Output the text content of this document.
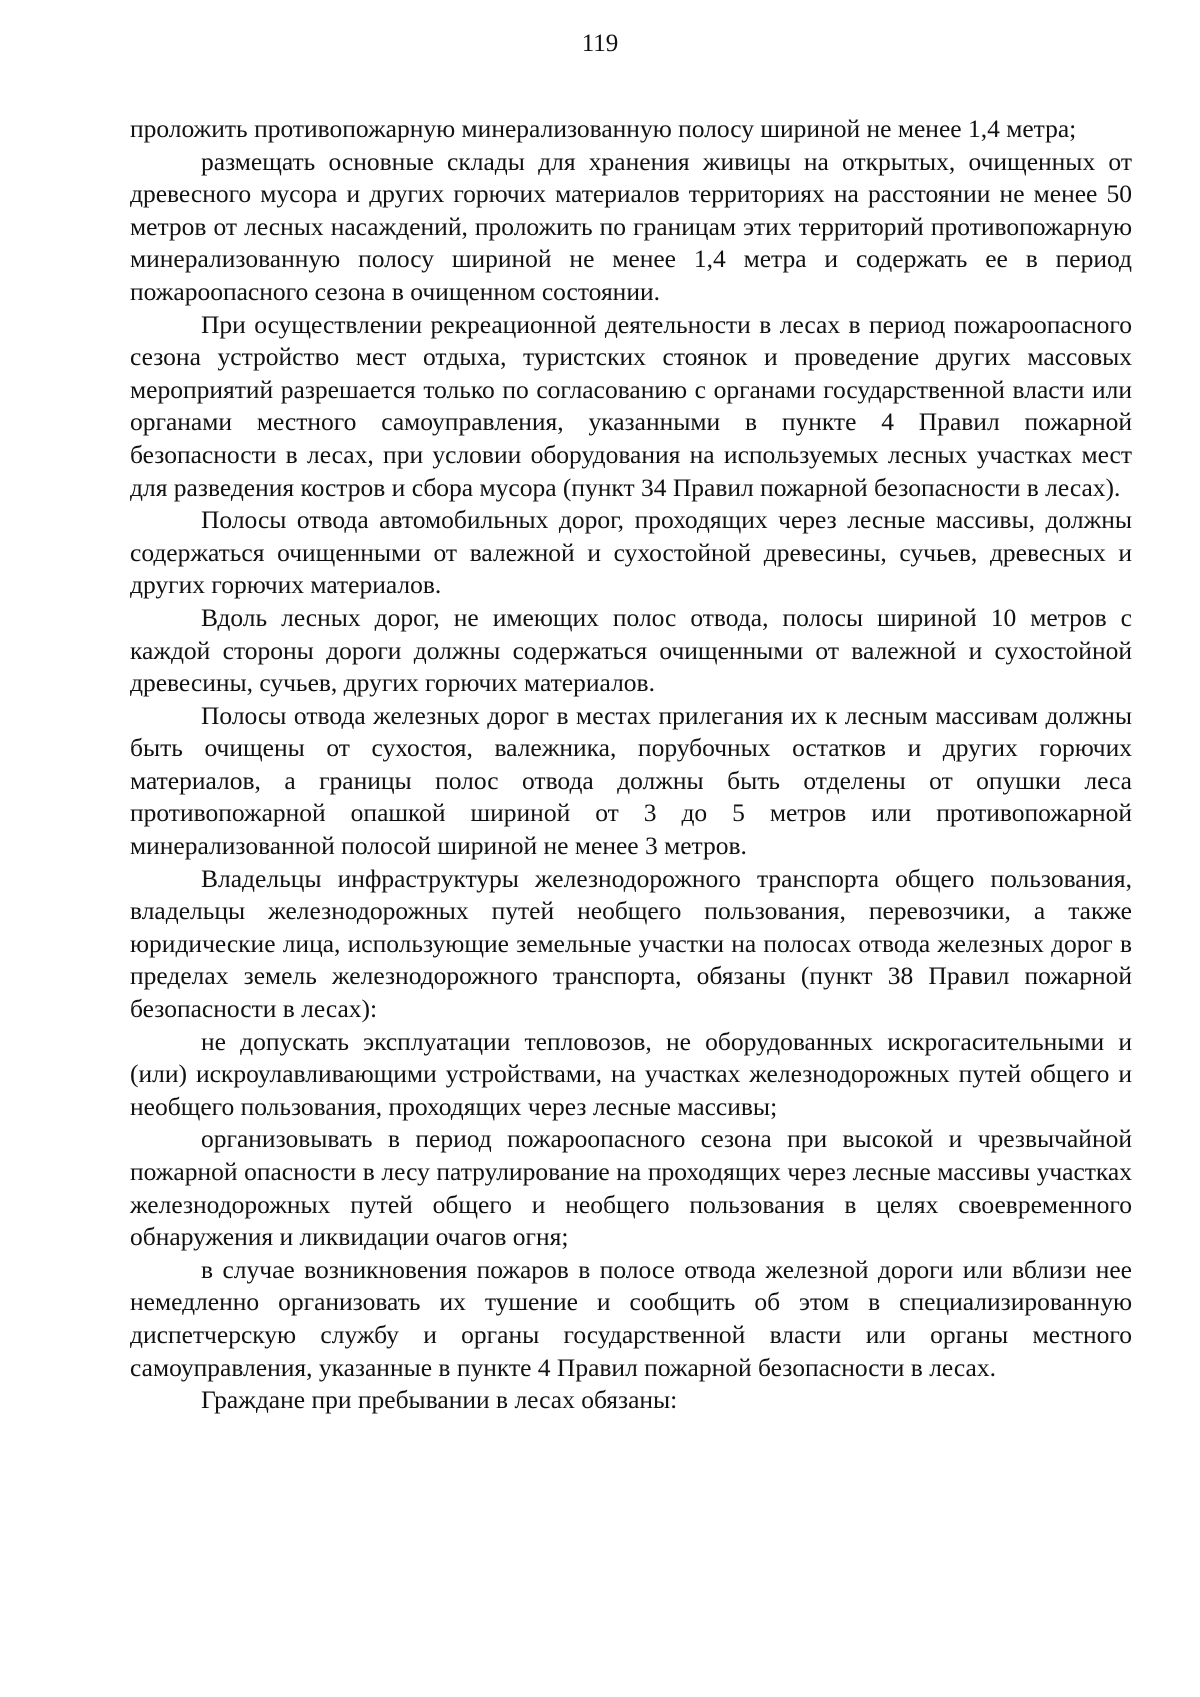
119

проложить противопожарную минерализованную полосу шириной не менее 1,4 метра;

размещать основные склады для хранения живицы на открытых, очищенных от древесного мусора и других горючих материалов территориях на расстоянии не менее 50 метров от лесных насаждений, проложить по границам этих территорий противопожарную минерализованную полосу шириной не менее 1,4 метра и содержать ее в период пожароопасного сезона в очищенном состоянии.

При осуществлении рекреационной деятельности в лесах в период пожароопасного сезона устройство мест отдыха, туристских стоянок и проведение других массовых мероприятий разрешается только по согласованию с органами государственной власти или органами местного самоуправления, указанными в пункте 4 Правил пожарной безопасности в лесах, при условии оборудования на используемых лесных участках мест для разведения костров и сбора мусора (пункт 34 Правил пожарной безопасности в лесах).

Полосы отвода автомобильных дорог, проходящих через лесные массивы, должны содержаться очищенными от валежной и сухостойной древесины, сучьев, древесных и других горючих материалов.

Вдоль лесных дорог, не имеющих полос отвода, полосы шириной 10 метров с каждой стороны дороги должны содержаться очищенными от валежной и сухостойной древесины, сучьев, других горючих материалов.

Полосы отвода железных дорог в местах прилегания их к лесным массивам должны быть очищены от сухостоя, валежника, порубочных остатков и других горючих материалов, а границы полос отвода должны быть отделены от опушки леса противопожарной опашкой шириной от 3 до 5 метров или противопожарной минерализованной полосой шириной не менее 3 метров.

Владельцы инфраструктуры железнодорожного транспорта общего пользования, владельцы железнодорожных путей необщего пользования, перевозчики, а также юридические лица, использующие земельные участки на полосах отвода железных дорог в пределах земель железнодорожного транспорта, обязаны (пункт 38 Правил пожарной безопасности в лесах):

не допускать эксплуатации тепловозов, не оборудованных искрогасительными и (или) искроулавливающими устройствами, на участках железнодорожных путей общего и необщего пользования, проходящих через лесные массивы;

организовывать в период пожароопасного сезона при высокой и чрезвычайной пожарной опасности в лесу патрулирование на проходящих через лесные массивы участках железнодорожных путей общего и необщего пользования в целях своевременного обнаружения и ликвидации очагов огня;

в случае возникновения пожаров в полосе отвода железной дороги или вблизи нее немедленно организовать их тушение и сообщить об этом в специализированную диспетчерскую службу и органы государственной власти или органы местного самоуправления, указанные в пункте 4 Правил пожарной безопасности в лесах.

Граждане при пребывании в лесах обязаны:
